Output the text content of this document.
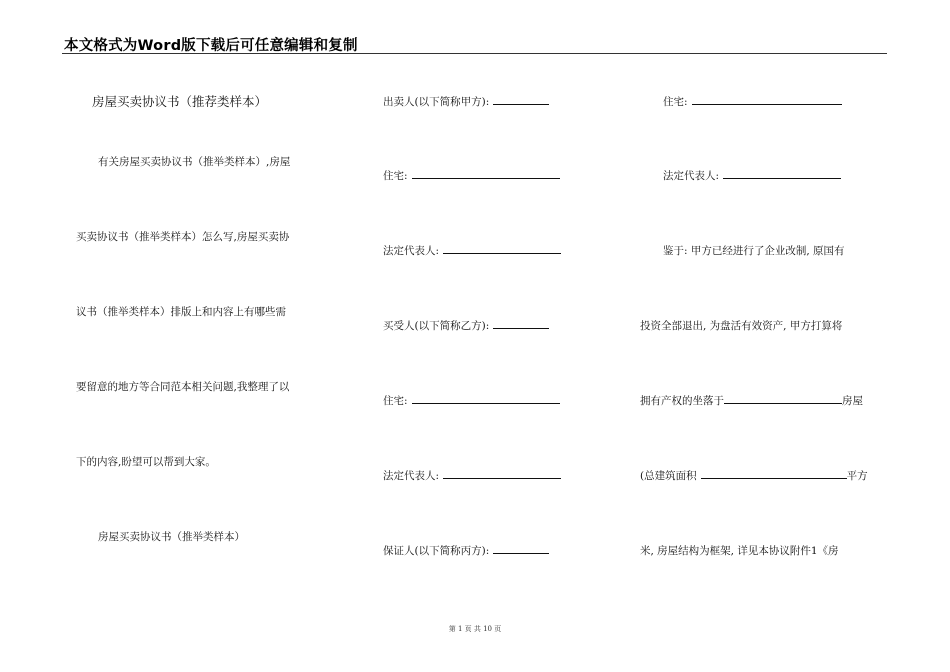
本文格式为Word版下载后可任意编辑和复制
房屋买卖协议书（推荐类样本）
有关房屋买卖协议书（推举类样本）,房屋
买卖协议书（推举类样本）怎么写,房屋买卖协
议书（推举类样本）排版上和内容上有哪些需
要留意的地方等合同范本相关问题,我整理了以
下的内容,盼望可以帮到大家。
房屋买卖协议书（推举类样本）
出卖人(以下简称甲方):
住宅:
法定代表人:
买受人(以下简称乙方):
住宅:
法定代表人:
保证人(以下简称丙方):
住宅:
法定代表人:
鉴于: 甲方已经进行了企业改制, 原国有
投资全部退出, 为盘活有效资产, 甲方打算将
拥有产权的坐落于	房屋
(总建筑面积	平方
米, 房屋结构为框架, 详见本协议附件1《房
第 1 页 共 10 页
